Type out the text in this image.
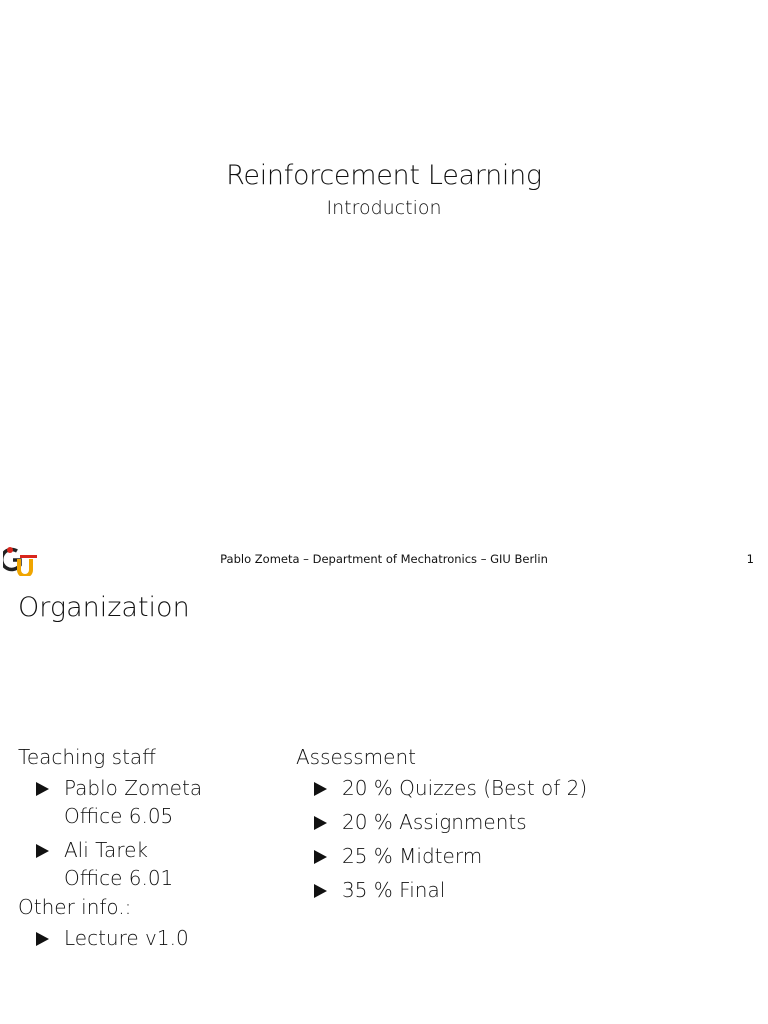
Reinforcement Learning
Introduction
Pablo Zometa – Department of Mechatronics – GIU Berlin	1
Organization
Teaching staff
Pablo Zometa
Office 6.05
Ali Tarek
Office 6.01
Other info.:
Lecture v1.0
Assessment
20 % Quizzes (Best of 2)
20 % Assignments
25 % Midterm
35 % Final
